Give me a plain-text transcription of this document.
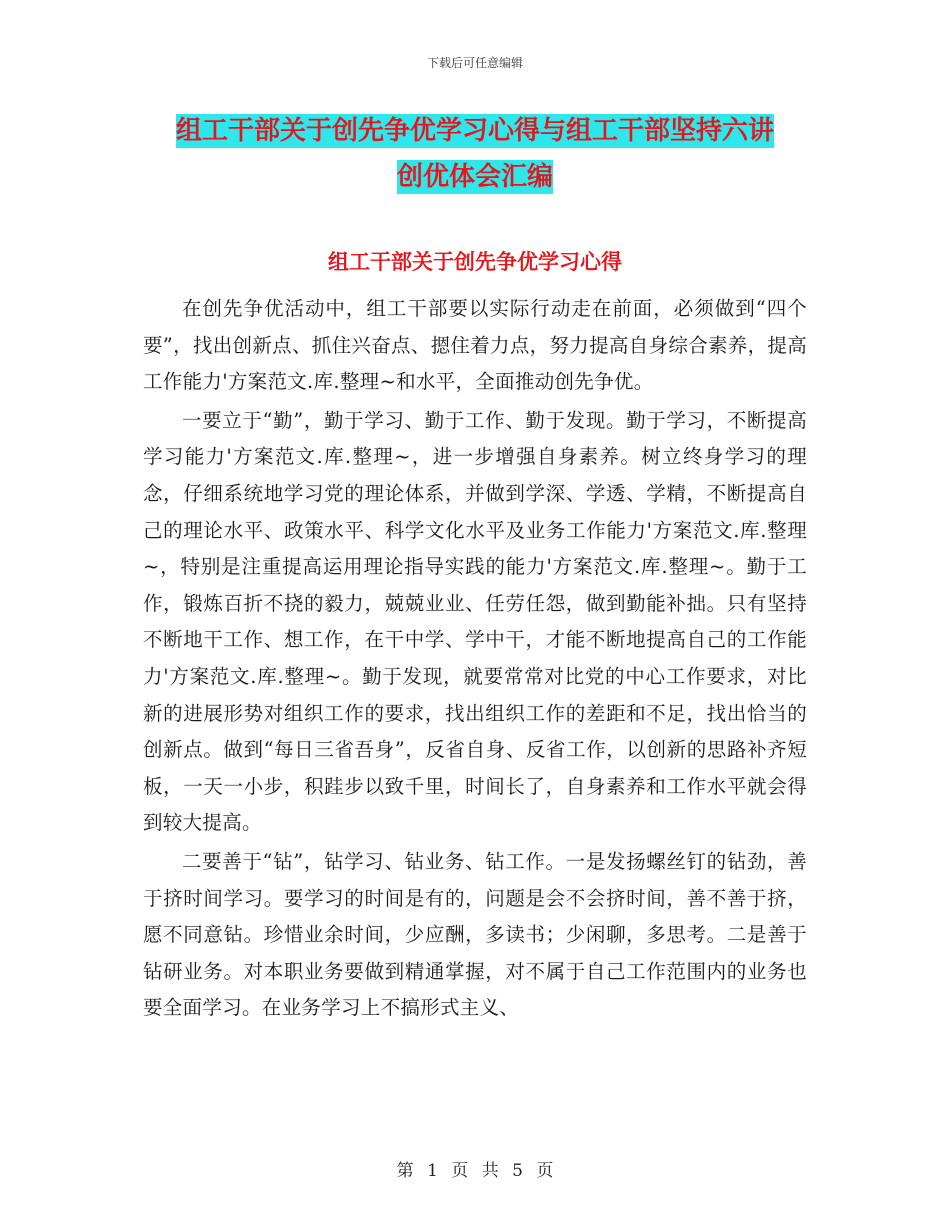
下载后可任意编辑
组工干部关于创先争优学习心得与组工干部坚持六讲
创优体会汇编
组工干部关于创先争优学习心得

在创先争优活动中，组工干部要以实际行动走在前面，必须做到“四个要”，找出创新点、抓住兴奋点、摁住着力点，努力提高自身综合素养，提高工作能力'方案范文.库.整理~和水平，全面推动创先争优。

一要立于“勤”，勤于学习、勤于工作、勤于发现。勤于学习，不断提高学习能力'方案范文.库.整理~，进一步增强自身素养。树立终身学习的理念，仔细系统地学习党的理论体系，并做到学深、学透、学精，不断提高自己的理论水平、政策水平、科学文化水平及业务工作能力'方案范文.库.整理~，特别是注重提高运用理论指导实践的能力'方案范文.库.整理~。勤于工作，锻炼百折不挠的毅力，兢兢业业、任劳任怨，做到勤能补拙。只有坚持不断地干工作、想工作，在干中学、学中干，才能不断地提高自己的工作能力'方案范文.库.整理~。勤于发现，就要常常对比党的中心工作要求，对比新的进展形势对组织工作的要求，找出组织工作的差距和不足，找出恰当的创新点。做到“每日三省吾身”，反省自身、反省工作，以创新的思路补齐短板，一天一小步，积跬步以致千里，时间长了，自身素养和工作水平就会得到较大提高。

二要善于“钻”，钻学习、钻业务、钻工作。一是发扬螺丝钉的钻劲，善于挤时间学习。要学习的时间是有的，问题是会不会挤时间，善不善于挤，愿不同意钻。珍惜业余时间，少应酬，多读书；少闲聊，多思考。二是善于钻研业务。对本职业务要做到精通掌握，对不属于自己工作范围内的业务也要全面学习。在业务学习上不搞形式主义、

第 1 页 共 5 页
